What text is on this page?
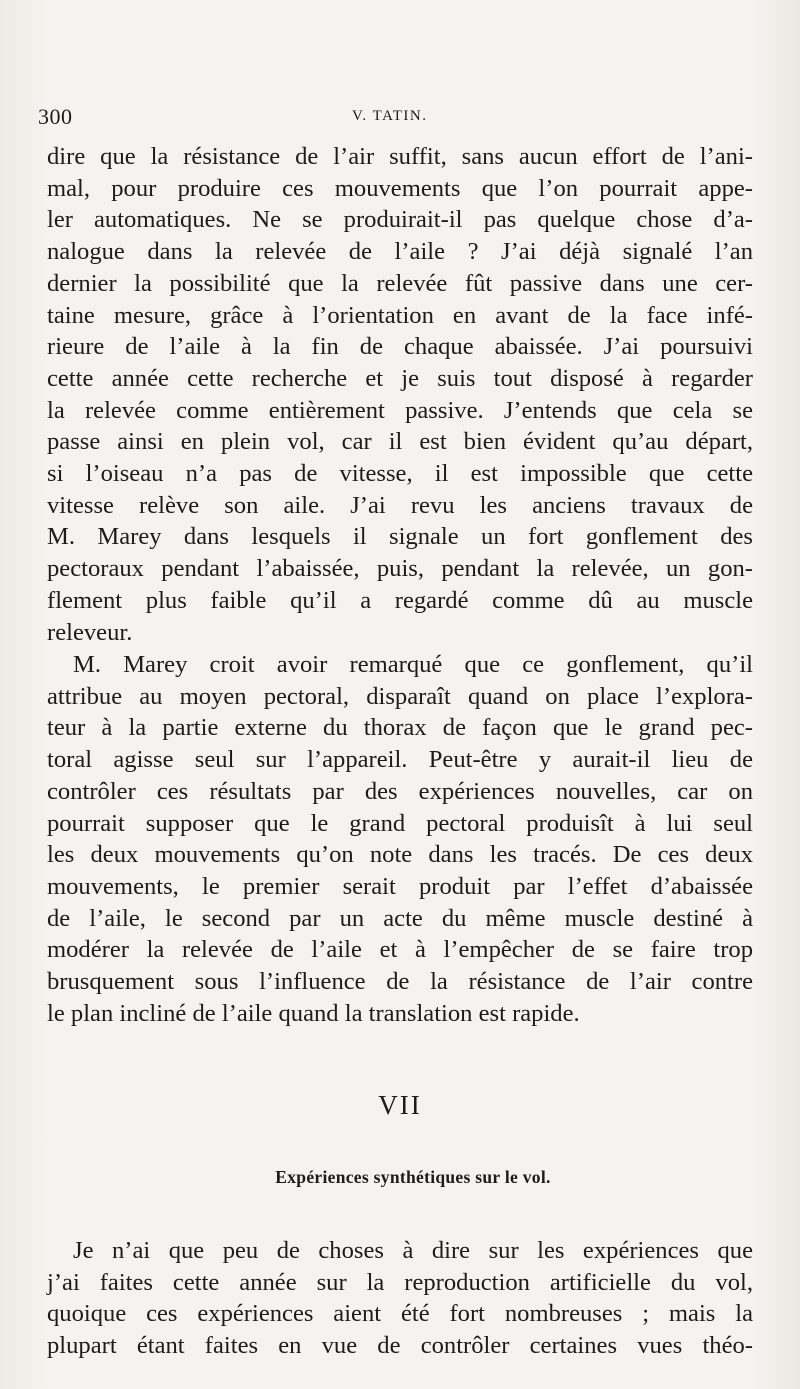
300	V. TATIN.
dire que la résistance de l’air suffit, sans aucun effort de l’ani-
mal, pour produire ces mouvements que l’on pourrait appe-
ler automatiques. Ne se produirait-il pas quelque chose d’a-
nalogue dans la relevée de l’aile ? J’ai déjà signalé l’an
dernier la possibilité que la relevée fût passive dans une cer-
taine mesure, grâce à l’orientation en avant de la face infé-
rieure de l’aile à la fin de chaque abaissée. J’ai poursuivi
cette année cette recherche et je suis tout disposé à regarder
la relevée comme entièrement passive. J’entends que cela se
passe ainsi en plein vol, car il est bien évident qu’au départ,
si l’oiseau n’a pas de vitesse, il est impossible que cette
vitesse relève son aile. J’ai revu les anciens travaux de
M. Marey dans lesquels il signale un fort gonflement des
pectoraux pendant l’abaissée, puis, pendant la relevée, un gon-
flement plus faible qu’il a regardé comme dû au muscle
releveur.
M. Marey croit avoir remarqué que ce gonflement, qu’il
attribue au moyen pectoral, disparaît quand on place l’explora-
teur à la partie externe du thorax de façon que le grand pec-
toral agisse seul sur l’appareil. Peut-être y aurait-il lieu de
contrôler ces résultats par des expériences nouvelles, car on
pourrait supposer que le grand pectoral produisît à lui seul
les deux mouvements qu’on note dans les tracés. De ces deux
mouvements, le premier serait produit par l’effet d’abaissée
de l’aile, le second par un acte du même muscle destiné à
modérer la relevée de l’aile et à l’empêcher de se faire trop
brusquement sous l’influence de la résistance de l’air contre
le plan incliné de l’aile quand la translation est rapide.
VII
Expériences synthétiques sur le vol.
Je n’ai que peu de choses à dire sur les expériences que
j’ai faites cette année sur la reproduction artificielle du vol,
quoique ces expériences aient été fort nombreuses ; mais la
plupart étant faites en vue de contrôler certaines vues théo-
